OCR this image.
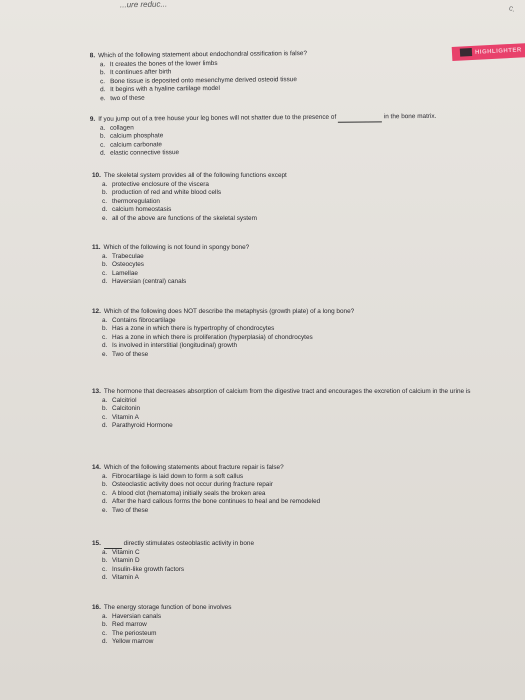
...ure reduc...	c.
HIGHLIGHTER
8. Which of the following statement about endochondral ossification is false?
a. It creates the bones of the lower limbs
b. It continues after birth
c. Bone tissue is deposited onto mesenchyme derived osteoid tissue
d. It begins with a hyaline cartilage model
e. two of these
9. If you jump out of a tree house your leg bones will not shatter due to the presence of	in the bone matrix.
a. collagen
b. calcium phosphate
c. calcium carbonate
d. elastic connective tissue
10. The skeletal system provides all of the following functions except
a. protective enclosure of the viscera
b. production of red and white blood cells
c. thermoregulation
d. calcium homeostasis
e. all of the above are functions of the skeletal system
11. Which of the following is not found in spongy bone?
a. Trabeculae
b. Osteocytes
c. Lamellae
d. Haversian (central) canals
12. Which of the following does NOT describe the metaphysis (growth plate) of a long bone?
a. Contains fibrocartilage
b. Has a zone in which there is hypertrophy of chondrocytes
c. Has a zone in which there is proliferation (hyperplasia) of chondrocytes
d. Is involved in interstitial (longitudinal) growth
e. Two of these
13. The hormone that decreases absorption of calcium from the digestive tract and encourages the excretion of calcium in the urine is
a. Calcitriol
b. Calcitonin
c. Vitamin A
d. Parathyroid Hormone
14. Which of the following statements about fracture repair is false?
a. Fibrocartilage is laid down to form a soft callus
b. Osteoclastic activity does not occur during fracture repair
c. A blood clot (hematoma) initially seals the broken area
d. After the hard callous forms the bone continues to heal and be remodeled
e. Two of these
15.	directly stimulates osteoblastic activity in bone
a. Vitamin C
b. Vitamin D
c. Insulin-like growth factors
d. Vitamin A
16. The energy storage function of bone involves
a. Haversian canals
b. Red marrow
c. The periosteum
d. Yellow marrow
